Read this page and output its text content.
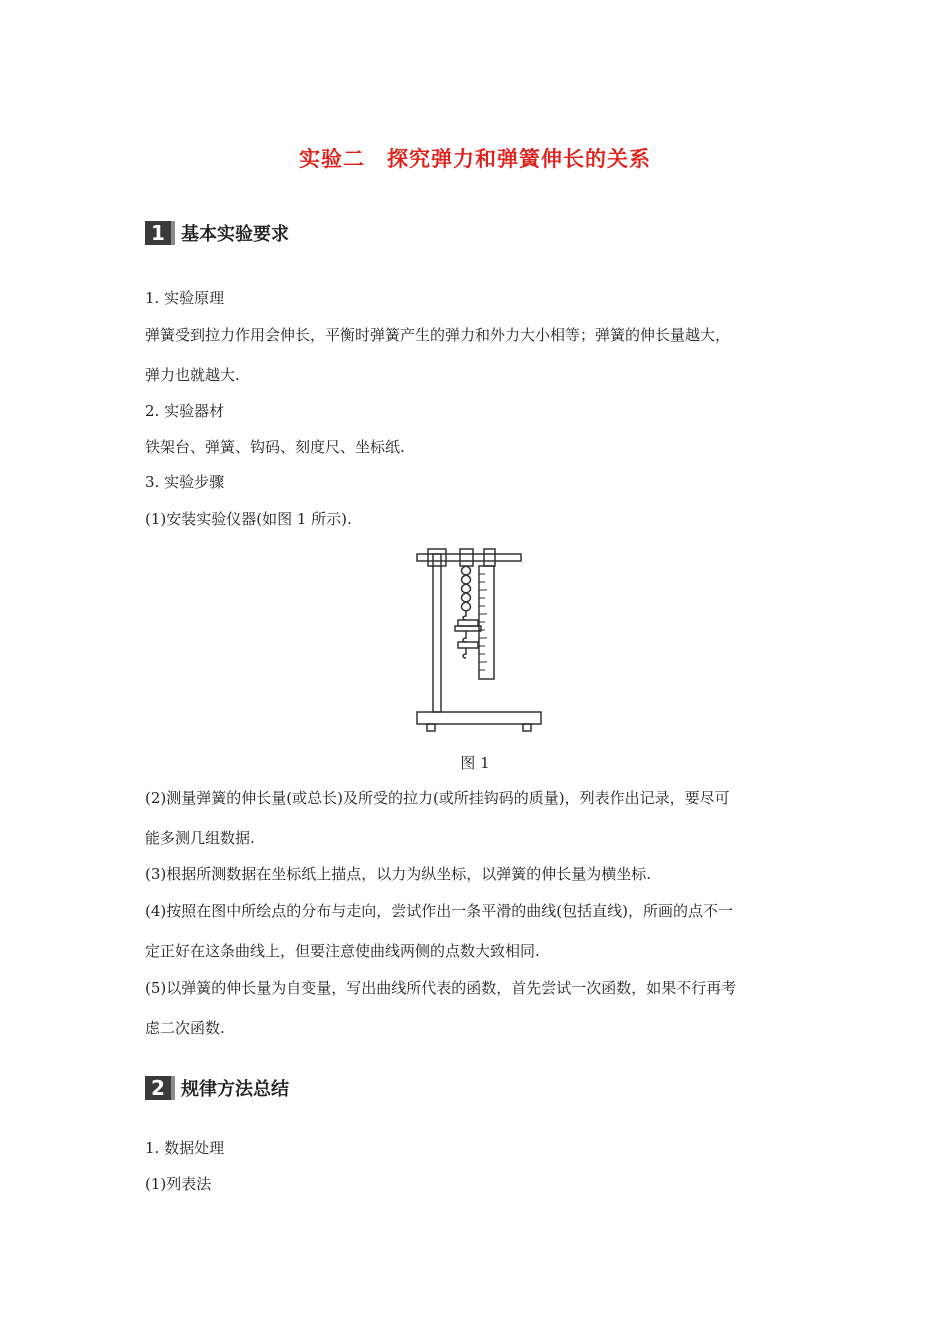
实验二　探究弹力和弹簧伸长的关系
1 基本实验要求
1. 实验原理
弹簧受到拉力作用会伸长，平衡时弹簧产生的弹力和外力大小相等；弹簧的伸长量越大，
弹力也就越大.
2. 实验器材
铁架台、弹簧、钩码、刻度尺、坐标纸.
3. 实验步骤
(1)安装实验仪器(如图 1 所示).
图 1
(2)测量弹簧的伸长量(或总长)及所受的拉力(或所挂钩码的质量)，列表作出记录，要尽可
能多测几组数据.
(3)根据所测数据在坐标纸上描点，以力为纵坐标，以弹簧的伸长量为横坐标.
(4)按照在图中所绘点的分布与走向，尝试作出一条平滑的曲线(包括直线)，所画的点不一
定正好在这条曲线上，但要注意使曲线两侧的点数大致相同.
(5)以弹簧的伸长量为自变量，写出曲线所代表的函数，首先尝试一次函数，如果不行再考
虑二次函数.
2 规律方法总结
1. 数据处理
(1)列表法
